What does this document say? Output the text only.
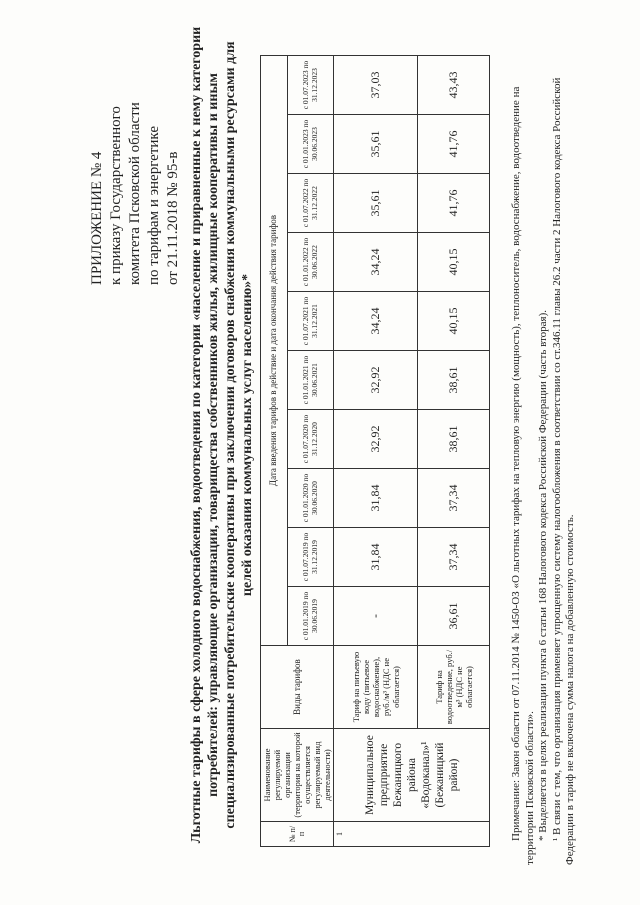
ПРИЛОЖЕНИЕ № 4 к приказу Государственного комитета Псковской области по тарифам и энергетике от 21.11.2018 № 95-в Льготные тарифы в сфере холодного водоснабжения, водоотведения по категории «население и приравненные к нему категории потребителей: управляющие организации, товарищества собственников жилья, жилищные кооперативы и иным специализированные потребительские кооперативы при заключении договоров снабжения коммунальными ресурсами для целей оказания коммунальных услуг населению»*
№ п/п	Наименование регулируемой организации (территория на которой осуществляется регулируемый вид деятельности)	Виды тарифов	Дата введения тарифов в действие и дата окончания действия тарифов									
			с 01.01.2019 по 30.06.2019	с 01.07.2019 по 31.12.2019	с 01.01.2020 по 30.06.2020	с 01.07.2020 по 31.12.2020	с 01.01.2021 по 30.06.2021	с 01.07.2021 по 31.12.2021	с 01.01.2022 по 30.06.2022	с 01.07.2022 по 31.12.2022	с 01.01.2023 по 30.06.2023	с 01.07.2023 по 31.12.2023
1	Муниципальное предприятие Бежаницкого района «Водоканал»¹ (Бежаницкий район)	Тариф на питьевую воду (питьевое водоснабжение), руб./м³ (НДС не облагается)	-	31,84	31,84	32,92	32,92	34,24	34,24	35,61	35,61	37,03
		Тариф на водоотведение, руб./м³ (НДС не облагается)	36,61	37,34	37,34	38,61	38,61	40,15	40,15	41,76	41,76	43,43

Примечание: Закон области от 07.11.2014 № 1450-ОЗ «О льготных тарифах на тепловую энергию (мощность), теплоноситель, водоснабжение, водоотведение на территории Псковской области». * Выделяется в целях реализации пункта 6 статьи 168 Налогового кодекса Российской Федерации (часть вторая). ¹ В связи с тем, что организация применяет упрощенную систему налогообложения в соответствии со ст.346.11 главы 26.2 части 2 Налогового кодекса Российской Федерации в тариф не включена сумма налога на добавленную стоимость.
